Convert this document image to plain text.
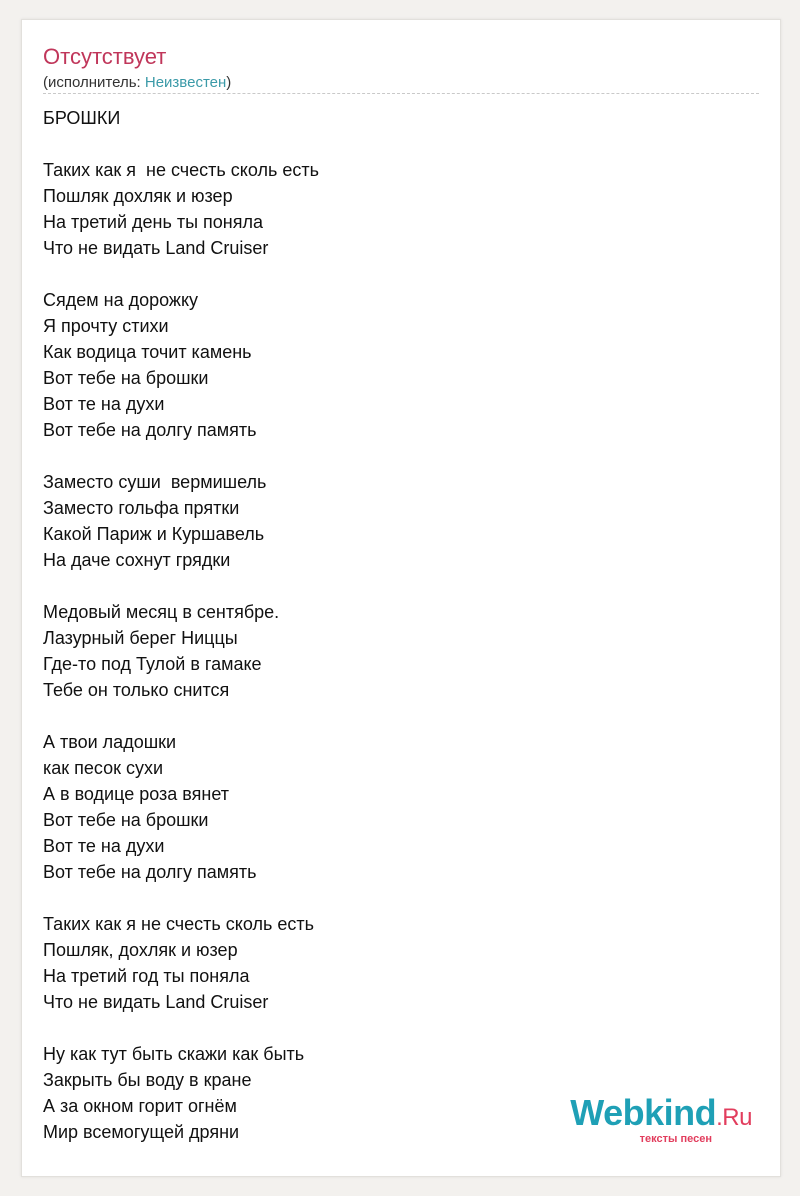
Отсутствует
(исполнитель: Неизвестен)
БРОШКИ
Таких как я  не счесть сколь есть
Пошляк дохляк и юзер
На третий день ты поняла
Что не видать Land Cruiser
Сядем на дорожку
Я прочту стихи
Как водица точит камень
Вот тебе на брошки
Вот те на духи
Вот тебе на долгу память
Заместо суши  вермишель
Заместо гольфа прятки
Какой Париж и Куршавель
На даче сохнут грядки
Медовый месяц в сентябре.
Лазурный берег Ниццы
Где-то под Тулой в гамаке
Тебе он только снится
А твои ладошки
как песок сухи
А в водице роза вянет
Вот тебе на брошки
Вот те на духи
Вот тебе на долгу память
Таких как я не счесть сколь есть
Пошляк, дохляк и юзер
На третий год ты поняла
Что не видать Land Cruiser
Ну как тут быть скажи как быть
Закрыть бы воду в кране
А за окном горит огнём
Мир всемогущей дряни	Webkind.Ru
тексты песен
